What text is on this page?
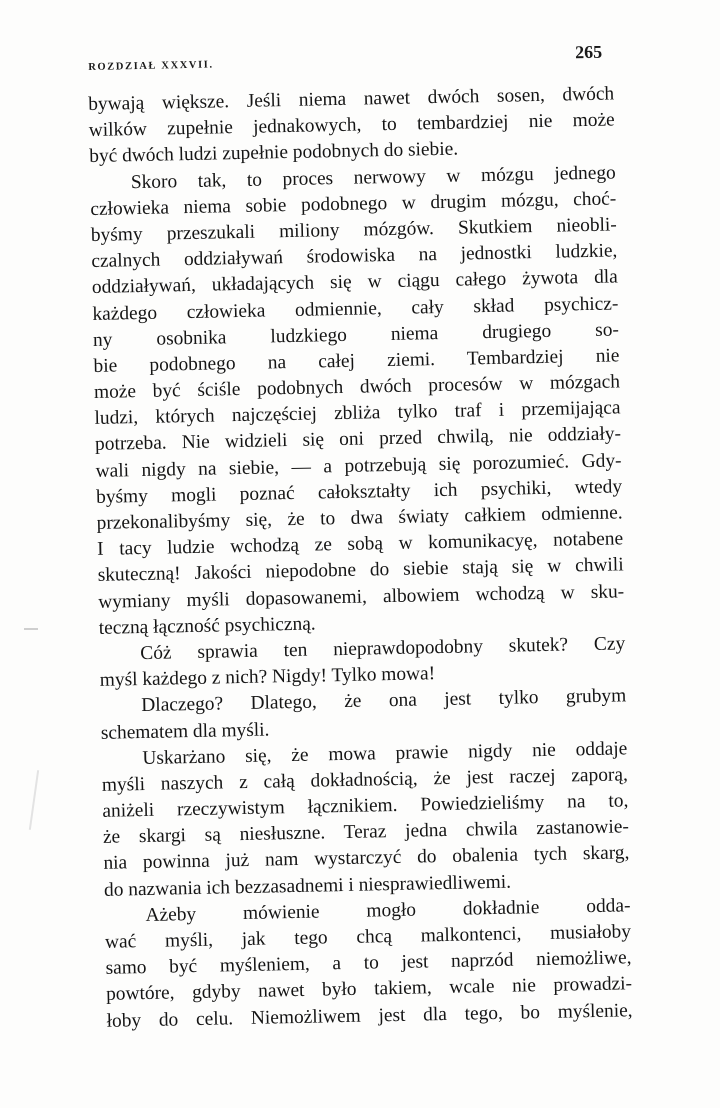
ROZDZIAŁ XXXVII.
265
bywają większe. Jeśli niema nawet dwóch sosen, dwóch
wilków zupełnie jednakowych, to tembardziej nie może
być dwóch ludzi zupełnie podobnych do siebie.
Skoro tak, to proces nerwowy w mózgu jednego
człowieka niema sobie podobnego w drugim mózgu, choć-
byśmy przeszukali miliony mózgów. Skutkiem nieobli-
czalnych oddziaływań środowiska na jednostki ludzkie,
oddziaływań, układających się w ciągu całego żywota dla
każdego człowieka odmiennie, cały skład psychicz-
ny osobnika ludzkiego niema drugiego so-
bie podobnego na całej ziemi. Tembardziej nie
może być ściśle podobnych dwóch procesów w mózgach
ludzi, których najczęściej zbliża tylko traf i przemijająca
potrzeba. Nie widzieli się oni przed chwilą, nie oddziały-
wali nigdy na siebie, — a potrzebują się porozumieć. Gdy-
byśmy mogli poznać całokształty ich psychiki, wtedy
przekonalibyśmy się, że to dwa światy całkiem odmienne.
I tacy ludzie wchodzą ze sobą w komunikacyę, notabene
skuteczną! Jakości niepodobne do siebie stają się w chwili
wymiany myśli dopasowanemi, albowiem wchodzą w sku-
teczną łączność psychiczną.
Cóż sprawia ten nieprawdopodobny skutek? Czy
myśl każdego z nich? Nigdy! Tylko mowa!
Dlaczego? Dlatego, że ona jest tylko grubym
schematem dla myśli.
Uskarżano się, że mowa prawie nigdy nie oddaje
myśli naszych z całą dokładnością, że jest raczej zaporą,
aniżeli rzeczywistym łącznikiem. Powiedzieliśmy na to,
że skargi są niesłuszne. Teraz jedna chwila zastanowie-
nia powinna już nam wystarczyć do obalenia tych skarg,
do nazwania ich bezzasadnemi i niesprawiedliwemi.
Ażeby mówienie mogło dokładnie odda-
wać myśli, jak tego chcą malkontenci, musiałoby
samo być myśleniem, a to jest naprzód niemożliwe,
powtóre, gdyby nawet było takiem, wcale nie prowadzi-
łoby do celu. Niemożliwem jest dla tego, bo myślenie,
